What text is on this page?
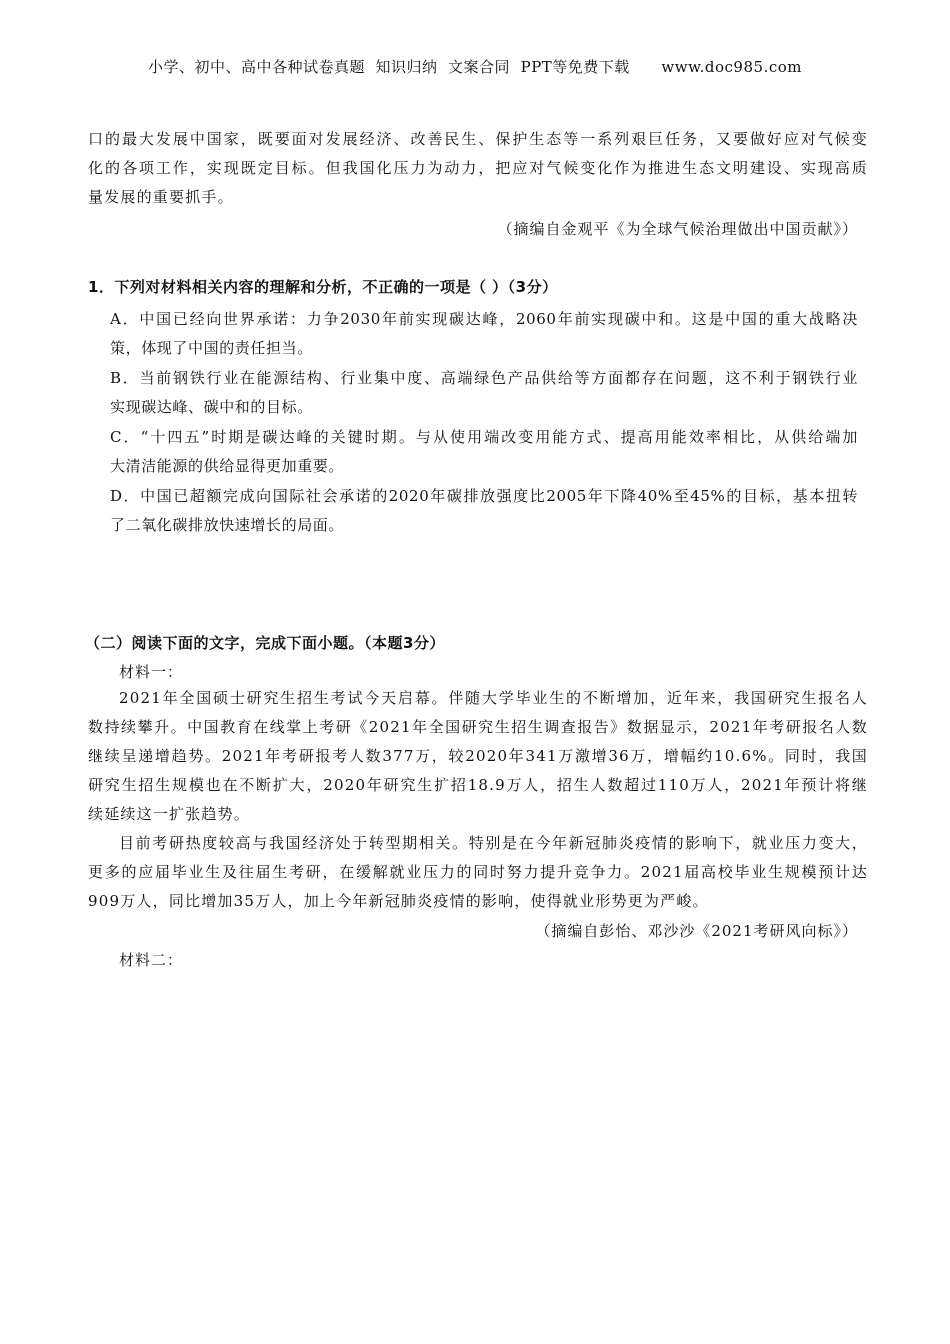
小学、初中、高中各种试卷真题  知识归纳  文案合同  PPT等免费下载      www.doc985.com
口的最大发展中国家，既要面对发展经济、改善民生、保护生态等一系列艰巨任务，又要做好应对气候变
化的各项工作，实现既定目标。但我国化压力为动力，把应对气候变化作为推进生态文明建设、实现高质
量发展的重要抓手。
（摘编自金观平《为全球气候治理做出中国贡献》）
1．下列对材料相关内容的理解和分析，不正确的一项是（ ）（3分）
A．中国已经向世界承诺：力争2030年前实现碳达峰，2060年前实现碳中和。这是中国的重大战略决
策，体现了中国的责任担当。
B．当前钢铁行业在能源结构、行业集中度、高端绿色产品供给等方面都存在问题，这不利于钢铁行业
实现碳达峰、碳中和的目标。
C．“十四五”时期是碳达峰的关键时期。与从使用端改变用能方式、提高用能效率相比，从供给端加
大清洁能源的供给显得更加重要。
D．中国已超额完成向国际社会承诺的2020年碳排放强度比2005年下降40%至45%的目标，基本扭转
了二氧化碳排放快速增长的局面。
（二）阅读下面的文字，完成下面小题。（本题3分）
材料一：
2021年全国硕士研究生招生考试今天启幕。伴随大学毕业生的不断增加，近年来，我国研究生报名人
数持续攀升。中国教育在线掌上考研《2021年全国研究生招生调查报告》数据显示，2021年考研报名人数
继续呈递增趋势。2021年考研报考人数377万，较2020年341万激增36万，增幅约10.6%。同时，我国
研究生招生规模也在不断扩大，2020年研究生扩招18.9万人，招生人数超过110万人，2021年预计将继
续延续这一扩张趋势。
目前考研热度较高与我国经济处于转型期相关。特别是在今年新冠肺炎疫情的影响下，就业压力变大，
更多的应届毕业生及往届生考研，在缓解就业压力的同时努力提升竞争力。2021届高校毕业生规模预计达
909万人，同比增加35万人，加上今年新冠肺炎疫情的影响，使得就业形势更为严峻。
（摘编自彭怡、邓沙沙《2021考研风向标》）
材料二：
